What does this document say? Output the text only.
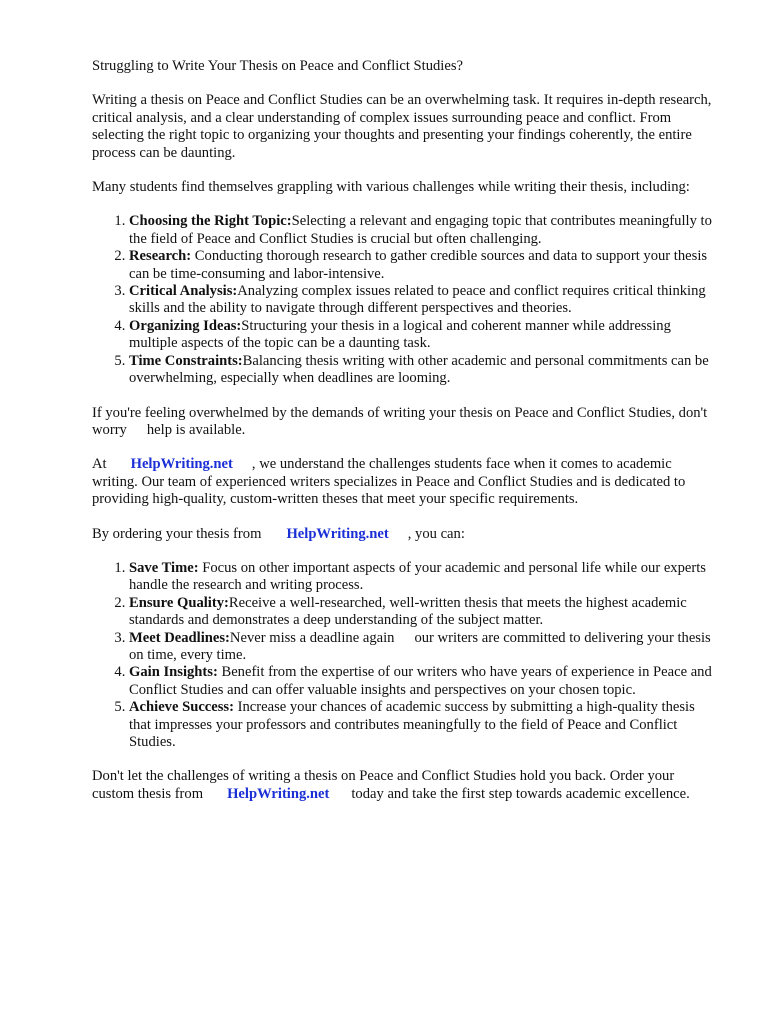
Struggling to Write Your Thesis on Peace and Conflict Studies?

Writing a thesis on Peace and Conflict Studies can be an overwhelming task. It requires in-depth research, critical analysis, and a clear understanding of complex issues surrounding peace and conflict. From selecting the right topic to organizing your thoughts and presenting your findings coherently, the entire process can be daunting.

Many students find themselves grappling with various challenges while writing their thesis, including:

1. Choosing the Right Topic:Selecting a relevant and engaging topic that contributes meaningfully to the field of Peace and Conflict Studies is crucial but often challenging.
2. Research: Conducting thorough research to gather credible sources and data to support your thesis can be time-consuming and labor-intensive.
3. Critical Analysis:Analyzing complex issues related to peace and conflict requires critical thinking skills and the ability to navigate through different perspectives and theories.
4. Organizing Ideas:Structuring your thesis in a logical and coherent manner while addressing multiple aspects of the topic can be a daunting task.
5. Time Constraints:Balancing thesis writing with other academic and personal commitments can be overwhelming, especially when deadlines are looming.

If you're feeling overwhelmed by the demands of writing your thesis on Peace and Conflict Studies, don't worry help is available.

At HelpWriting.net , we understand the challenges students face when it comes to academic writing. Our team of experienced writers specializes in Peace and Conflict Studies and is dedicated to providing high-quality, custom-written theses that meet your specific requirements.

By ordering your thesis from HelpWriting.net , you can:

1. Save Time: Focus on other important aspects of your academic and personal life while our experts handle the research and writing process.
2. Ensure Quality:Receive a well-researched, well-written thesis that meets the highest academic standards and demonstrates a deep understanding of the subject matter.
3. Meet Deadlines:Never miss a deadline again our writers are committed to delivering your thesis on time, every time.
4. Gain Insights: Benefit from the expertise of our writers who have years of experience in Peace and Conflict Studies and can offer valuable insights and perspectives on your chosen topic.
5. Achieve Success: Increase your chances of academic success by submitting a high-quality thesis that impresses your professors and contributes meaningfully to the field of Peace and Conflict Studies.

Don't let the challenges of writing a thesis on Peace and Conflict Studies hold you back. Order your custom thesis from HelpWriting.net today and take the first step towards academic excellence.
